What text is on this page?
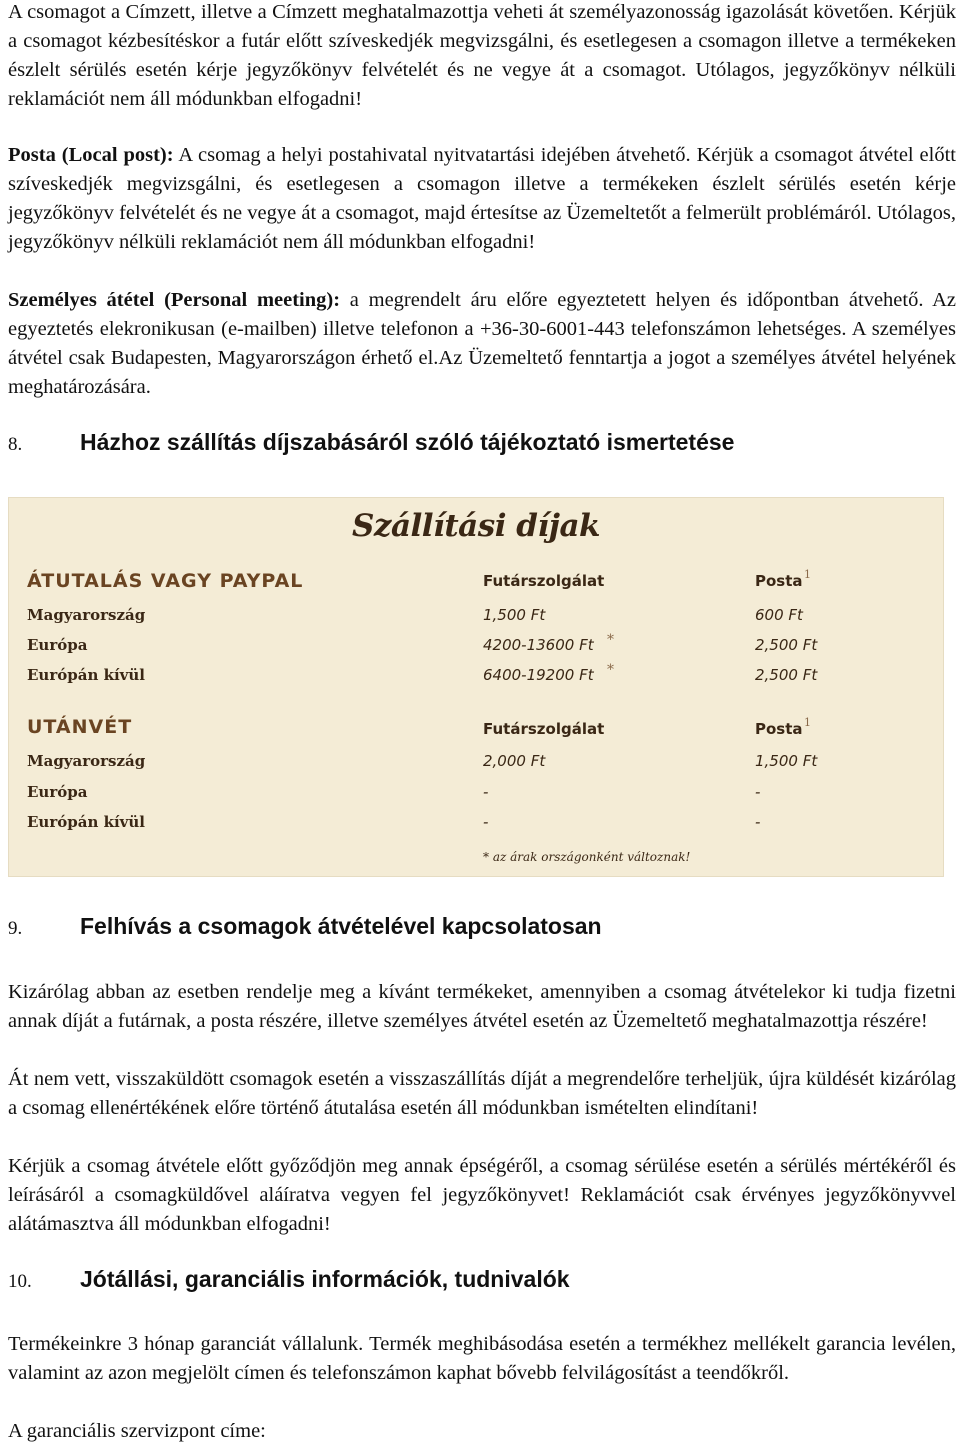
A csomagot a Címzett, illetve a Címzett meghatalmazottja veheti át személyazonosság igazolását követően. Kérjük a csomagot kézbesítéskor a futár előtt szíveskedjék megvizsgálni, és esetlegesen a csomagon illetve a termékeken észlelt sérülés esetén kérje jegyzőkönyv felvételét és ne vegye át a csomagot. Utólagos, jegyzőkönyv nélküli reklamációt nem áll módunkban elfogadni!

Posta (Local post): A csomag a helyi postahivatal nyitvatartási idejében átvehető. Kérjük a csomagot átvétel előtt szíveskedjék megvizsgálni, és esetlegesen a csomagon illetve a termékeken észlelt sérülés esetén kérje jegyzőkönyv felvételét és ne vegye át a csomagot, majd értesítse az Üzemeltetőt a felmerült problémáról. Utólagos, jegyzőkönyv nélküli reklamációt nem áll módunkban elfogadni!

Személyes átétel (Personal meeting): a megrendelt áru előre egyeztetett helyen és időpontban átvehető. Az egyeztetés elekronikusan (e-mailben) illetve telefonon a +36-30-6001-443 telefonszámon lehetséges. A személyes átvétel csak Budapesten, Magyarországon érhető el.Az Üzemeltető fenntartja a jogot a személyes átvétel helyének meghatározására.

8.	Házhoz szállítás díjszabásáról szóló tájékoztató ismertetése
9.	Felhívás a csomagok átvételével kapcsolatosan

Kizárólag abban az esetben rendelje meg a kívánt termékeket, amennyiben a csomag átvételekor ki tudja fizetni annak díját a futárnak, a posta részére, illetve személyes átvétel esetén az Üzemeltető meghatalmazottja részére!

Át nem vett, visszaküldött csomagok esetén a visszaszállítás díját a megrendelőre terheljük, újra küldését kizárólag a csomag ellenértékének előre történő átutalása esetén áll módunkban ismételten elindítani!

Kérjük a csomag átvétele előtt győződjön meg annak épségéről, a csomag sérülése esetén a sérülés mértékéről és leírásáról a csomagküldővel aláíratva vegyen fel jegyzőkönyvet! Reklamációt csak érvényes jegyzőkönyvvel alátámasztva áll módunkban elfogadni!

10.	Jótállási, garanciális információk, tudnivalók

Termékeinkre 3 hónap garanciát vállalunk. Termék meghibásodása esetén a termékhez mellékelt garancia levélen, valamint az azon megjelölt címen és telefonszámon kaphat bővebb felvilágosítást a teendőkről.

A garanciális szervizpont címe:

Szállítási díjak
ÁTUTALÁS VAGY PAYPAL	Futárszolgálat	Posta 1
Magyarország	1,500 Ft	600 Ft
Európa	4200-13600 Ft *	2,500 Ft
Európán kívül	6400-19200 Ft *	2,500 Ft
UTÁNVÉT	Futárszolgálat	Posta 1
Magyarország	2,000 Ft	1,500 Ft
Európa	-	-
Európán kívül	-	-
* az árak országonként változnak!
